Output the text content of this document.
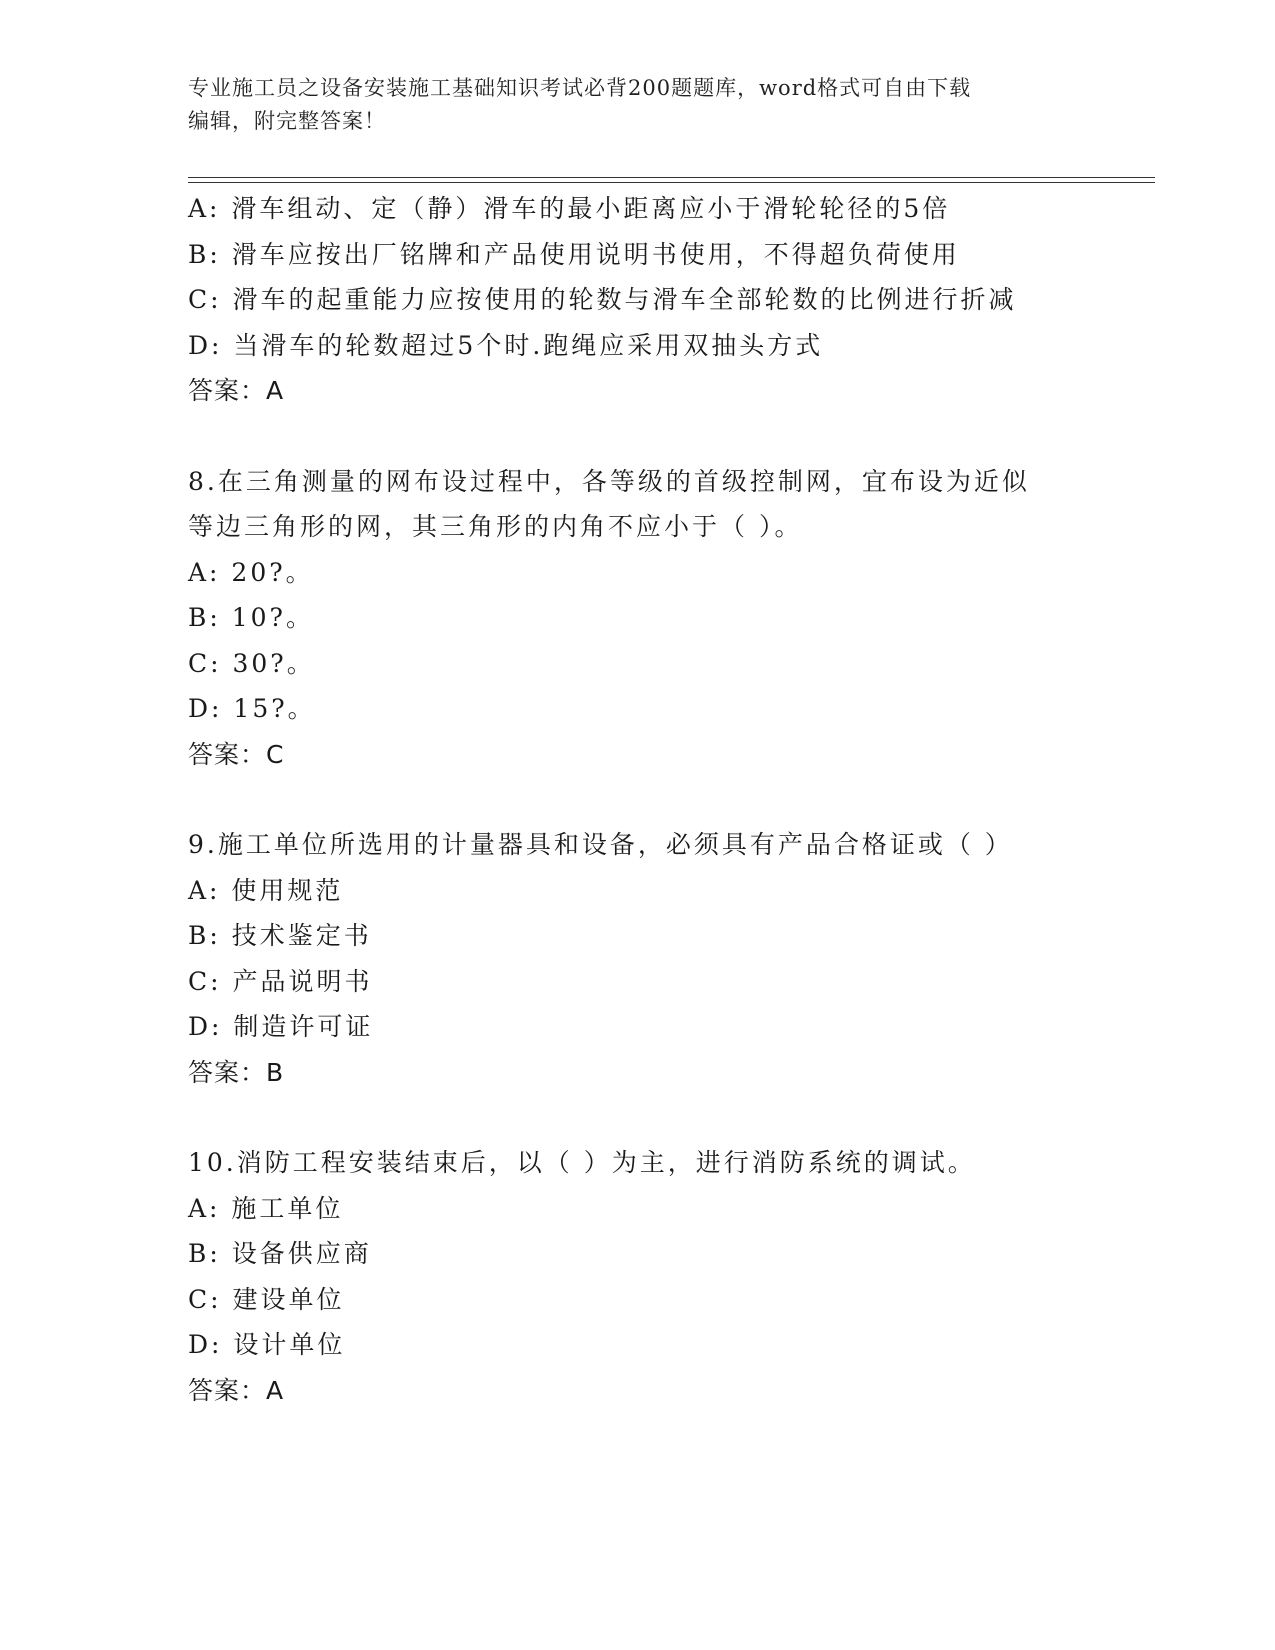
专业施工员之设备安装施工基础知识考试必背200题题库，word格式可自由下载
编辑，附完整答案！
A: 滑车组动、定（静）滑车的最小距离应小于滑轮轮径的5倍
B: 滑车应按出厂铭牌和产品使用说明书使用，不得超负荷使用
C: 滑车的起重能力应按使用的轮数与滑车全部轮数的比例进行折减
D: 当滑车的轮数超过5个时.跑绳应采用双抽头方式
答案：A
8.在三角测量的网布设过程中，各等级的首级控制网，宜布设为近似
等边三角形的网，其三角形的内角不应小于（ ）。
A: 20?。
B: 10?。
C: 30?。
D: 15?。
答案：C
9.施工单位所选用的计量器具和设备，必须具有产品合格证或（ ）
A: 使用规范
B: 技术鉴定书
C: 产品说明书
D: 制造许可证
答案：B
10.消防工程安装结束后，以（ ）为主，进行消防系统的调试。
A: 施工单位
B: 设备供应商
C: 建设单位
D: 设计单位
答案：A
